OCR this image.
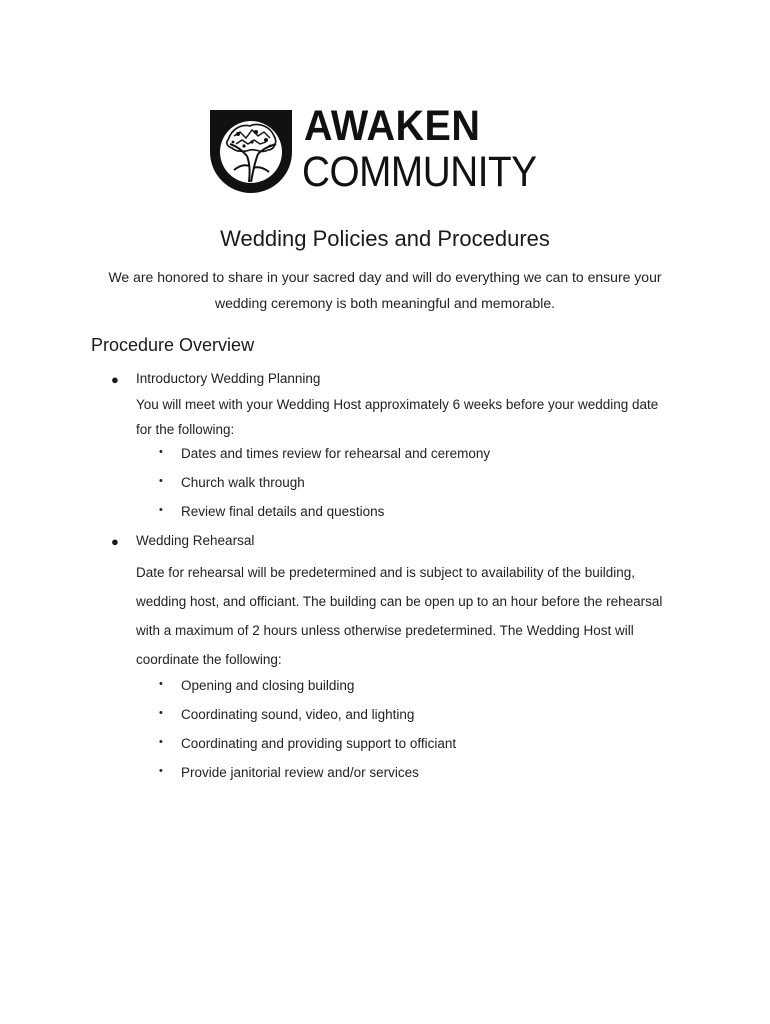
AWAKEN
COMMUNITY
Wedding Policies and Procedures
We are honored to share in your sacred day and will do everything we can to ensure your wedding ceremony is both meaningful and memorable.
Procedure Overview
● Introductory Wedding Planning
You will meet with your Wedding Host approximately 6 weeks before your wedding date for the following:
• Dates and times review for rehearsal and ceremony
• Church walk through
• Review final details and questions
● Wedding Rehearsal
Date for rehearsal will be predetermined and is subject to availability of the building, wedding host, and officiant. The building can be open up to an hour before the rehearsal with a maximum of 2 hours unless otherwise predetermined. The Wedding Host will coordinate the following:
• Opening and closing building
• Coordinating sound, video, and lighting
• Coordinating and providing support to officiant
• Provide janitorial review and/or services
